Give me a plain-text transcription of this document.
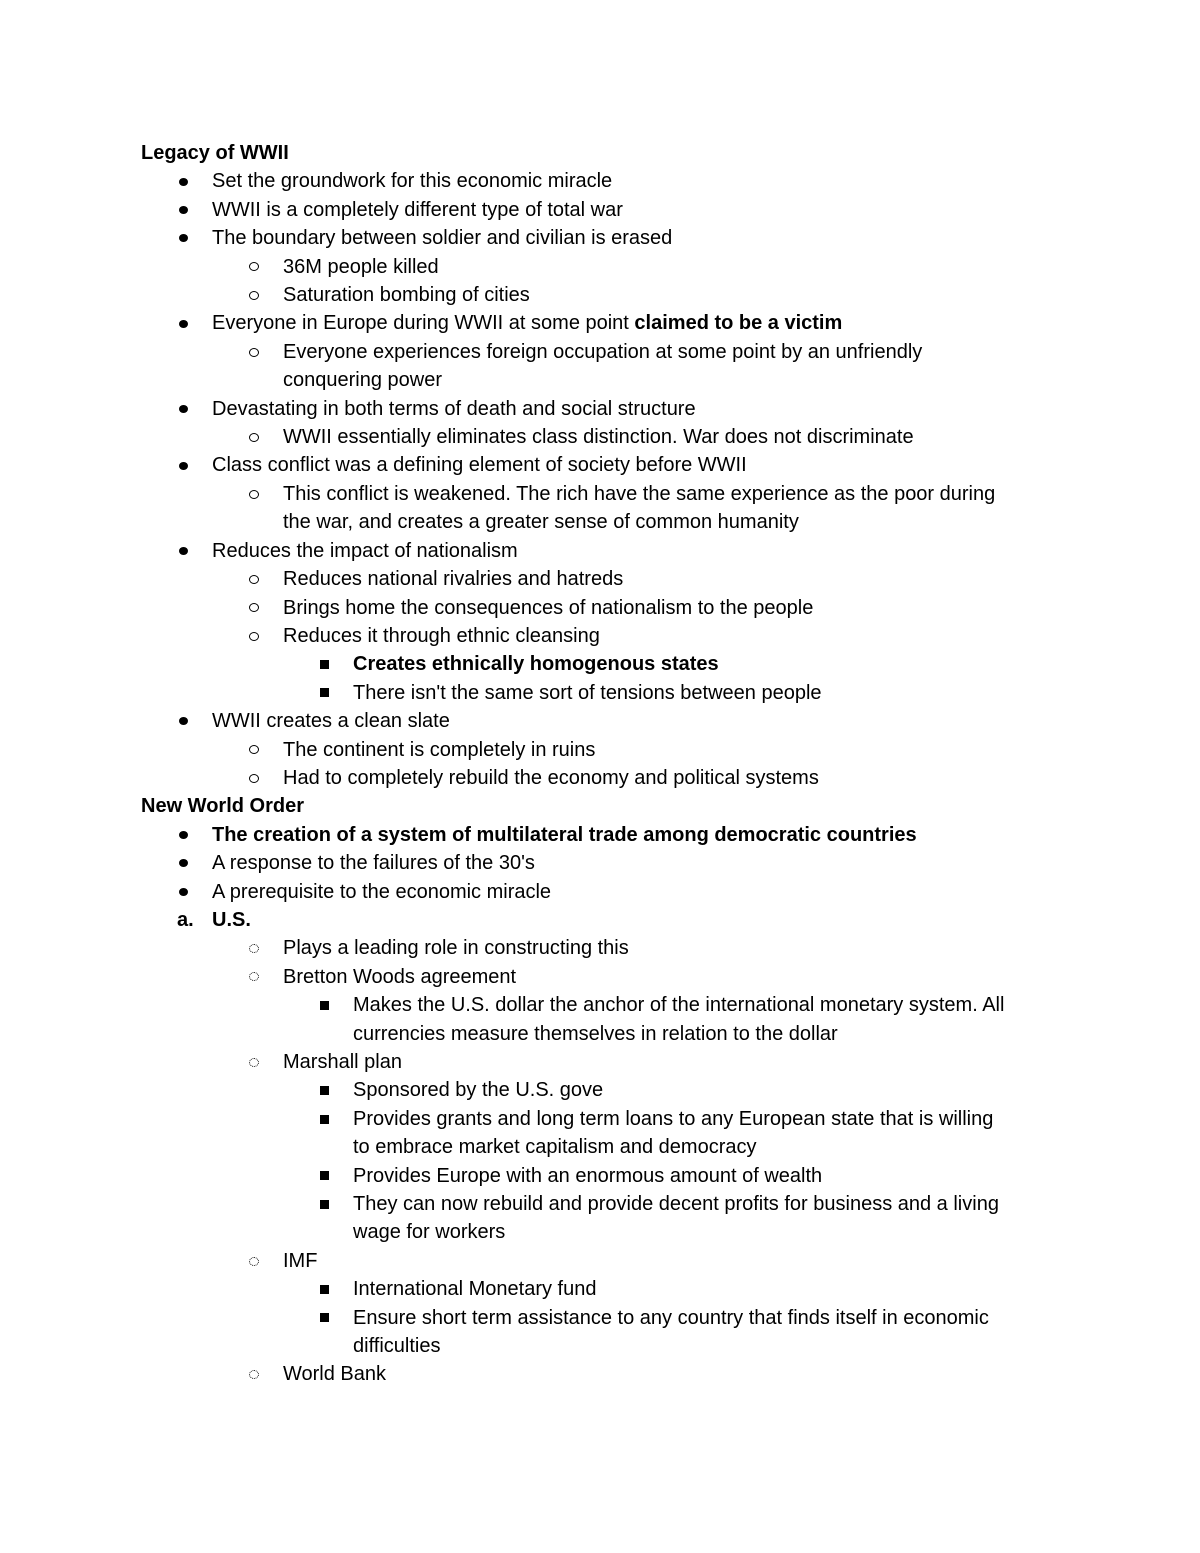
Legacy of WWII
Set the groundwork for this economic miracle
WWII is a completely different type of total war
The boundary between soldier and civilian is erased
36M people killed
Saturation bombing of cities
Everyone in Europe during WWII at some point claimed to be a victim
Everyone experiences foreign occupation at some point by an unfriendly
conquering power
Devastating in both terms of death and social structure
WWII essentially eliminates class distinction. War does not discriminate
Class conflict was a defining element of society before WWII
This conflict is weakened. The rich have the same experience as the poor during
the war, and creates a greater sense of common humanity
Reduces the impact of nationalism
Reduces national rivalries and hatreds
Brings home the consequences of nationalism to the people
Reduces it through ethnic cleansing
Creates ethnically homogenous states
There isn't the same sort of tensions between people
WWII creates a clean slate
The continent is completely in ruins
Had to completely rebuild the economy and political systems
New World Order
The creation of a system of multilateral trade among democratic countries
A response to the failures of the 30's
A prerequisite to the economic miracle
a. U.S.
Plays a leading role in constructing this
Bretton Woods agreement
Makes the U.S. dollar the anchor of the international monetary system. All
currencies measure themselves in relation to the dollar
Marshall plan
Sponsored by the U.S. gove
Provides grants and long term loans to any European state that is willing
to embrace market capitalism and democracy
Provides Europe with an enormous amount of wealth
They can now rebuild and provide decent profits for business and a living
wage for workers
IMF
International Monetary fund
Ensure short term assistance to any country that finds itself in economic
difficulties
World Bank
